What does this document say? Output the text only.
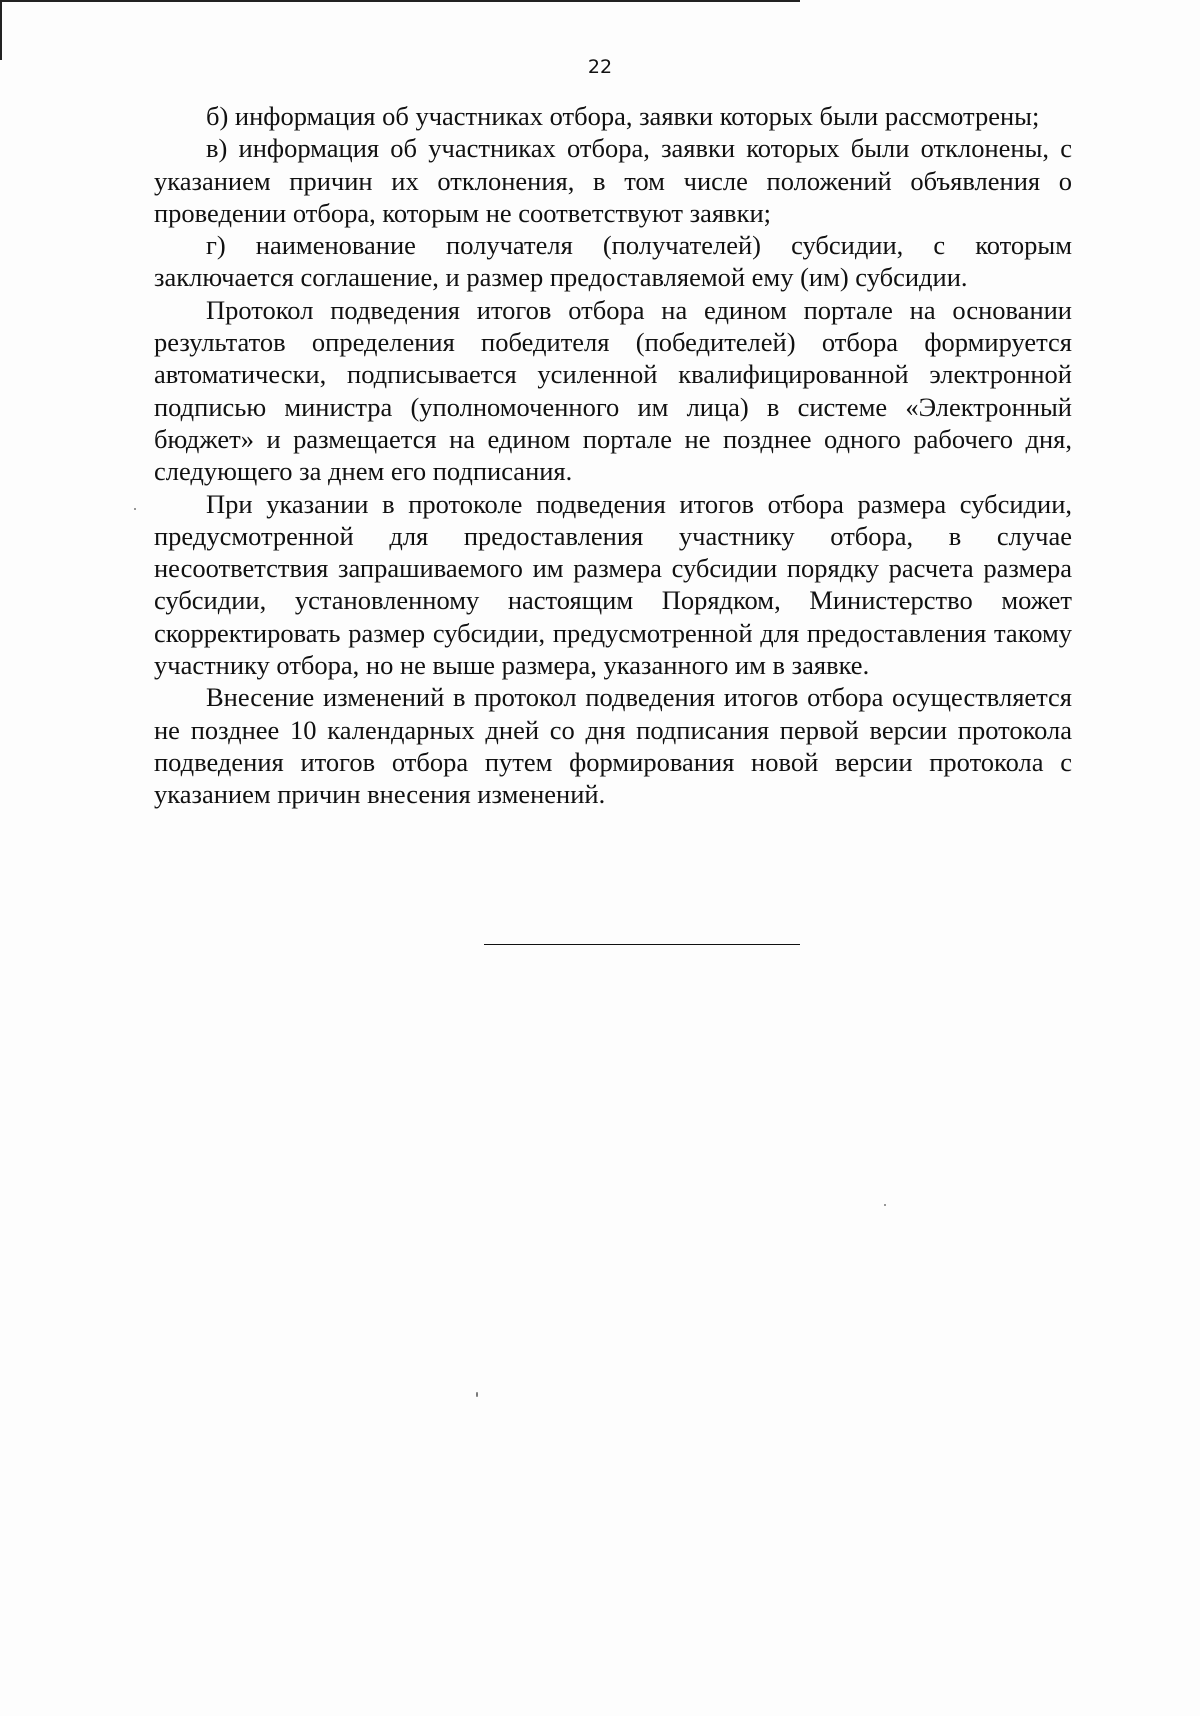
22

б) информация об участниках отбора, заявки которых были рассмотрены;

в) информация об участниках отбора, заявки которых были отклонены, с указанием причин их отклонения, в том числе положений объявления о проведении отбора, которым не соответствуют заявки;

г) наименование получателя (получателей) субсидии, с которым заключается соглашение, и размер предоставляемой ему (им) субсидии.

Протокол подведения итогов отбора на едином портале на основании результатов определения победителя (победителей) отбора формируется автоматически, подписывается усиленной квалифицированной электронной подписью министра (уполномоченного им лица) в системе «Электронный бюджет» и размещается на едином портале не позднее одного рабочего дня, следующего за днем его подписания.

При указании в протоколе подведения итогов отбора размера субсидии, предусмотренной для предоставления участнику отбора, в случае несоответствия запрашиваемого им размера субсидии порядку расчета размера субсидии, установленному настоящим Порядком, Министерство может скорректировать размер субсидии, предусмотренной для предоставления такому участнику отбора, но не выше размера, указанного им в заявке.

Внесение изменений в протокол подведения итогов отбора осуществляется не позднее 10 календарных дней со дня подписания первой версии протокола подведения итогов отбора путем формирования новой версии протокола с указанием причин внесения изменений.
